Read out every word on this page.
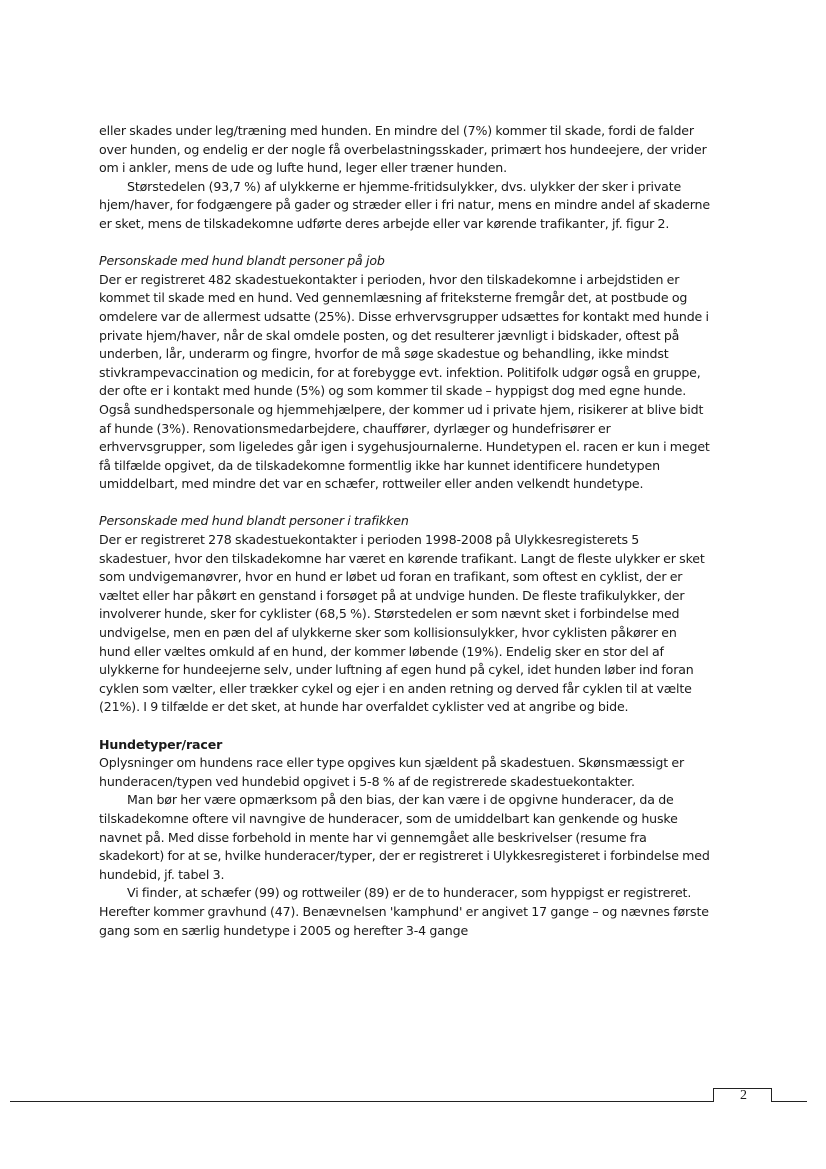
eller skades under leg/træning med hunden. En mindre del (7%) kommer til skade, fordi de falder over hunden, og endelig er der nogle få overbelastningsskader, primært hos hundeejere, der vrider om i ankler, mens de ude og lufte hund, leger eller træner hunden.

Størstedelen (93,7 %) af ulykkerne er hjemme-fritidsulykker, dvs. ulykker der sker i private hjem/haver, for fodgængere på gader og stræder eller i fri natur, mens en mindre andel af skaderne er sket, mens de tilskadekomne udførte deres arbejde eller var kørende trafikanter, jf. figur 2.

Personskade med hund blandt personer på job

Der er registreret 482 skadestuekontakter i perioden, hvor den tilskadekomne i arbejdstiden er kommet til skade med en hund. Ved gennemlæsning af friteksterne fremgår det, at postbude og omdelere var de allermest udsatte (25%). Disse erhvervsgrupper udsættes for kontakt med hunde i private hjem/haver, når de skal omdele posten, og det resulterer jævnligt i bidskader, oftest på underben, lår, underarm og fingre, hvorfor de må søge skadestue og behandling, ikke mindst stivkrampevaccination og medicin, for at forebygge evt. infektion. Politifolk udgør også en gruppe, der ofte er i kontakt med hunde (5%) og som kommer til skade – hyppigst dog med egne hunde. Også sundhedspersonale og hjemmehjælpere, der kommer ud i private hjem, risikerer at blive bidt af hunde (3%). Renovationsmedarbejdere, chauffører, dyrlæger og hundefrisører er erhvervsgrupper, som ligeledes går igen i sygehusjournalerne. Hundetypen el. racen er kun i meget få tilfælde opgivet, da de tilskadekomne formentlig ikke har kunnet identificere hundetypen umiddelbart, med mindre det var en schæfer, rottweiler eller anden velkendt hundetype.

Personskade med hund blandt personer i trafikken

Der er registreret 278 skadestuekontakter i perioden 1998-2008 på Ulykkesregisterets 5 skadestuer, hvor den tilskadekomne har været en kørende trafikant. Langt de fleste ulykker er sket som undvigemanøvrer, hvor en hund er løbet ud foran en trafikant, som oftest en cyklist, der er væltet eller har påkørt en genstand i forsøget på at undvige hunden. De fleste trafikulykker, der involverer hunde, sker for cyklister (68,5 %). Størstedelen er som nævnt sket i forbindelse med undvigelse, men en pæn del af ulykkerne sker som kollisionsulykker, hvor cyklisten påkører en hund eller væltes omkuld af en hund, der kommer løbende (19%). Endelig sker en stor del af ulykkerne for hundeejerne selv, under luftning af egen hund på cykel, idet hunden løber ind foran cyklen som vælter, eller trækker cykel og ejer i en anden retning og derved får cyklen til at vælte (21%). I 9 tilfælde er det sket, at hunde har overfaldet cyklister ved at angribe og bide.

Hundetyper/racer

Oplysninger om hundens race eller type opgives kun sjældent på skadestuen. Skønsmæssigt er hunderacen/typen ved hundebid opgivet i 5-8 % af de registrerede skadestuekontakter.

Man bør her være opmærksom på den bias, der kan være i de opgivne hunderacer, da de tilskadekomne oftere vil navngive de hunderacer, som de umiddelbart kan genkende og huske navnet på. Med disse forbehold in mente har vi gennemgået alle beskrivelser (resume fra skadekort) for at se, hvilke hunderacer/typer, der er registreret i Ulykkesregisteret i forbindelse med hundebid, jf. tabel 3.

Vi finder, at schæfer (99) og rottweiler (89) er de to hunderacer, som hyppigst er registreret. Herefter kommer gravhund (47). Benævnelsen 'kamphund' er angivet 17 gange – og nævnes første gang som en særlig hundetype i 2005 og herefter 3-4 gange

2
